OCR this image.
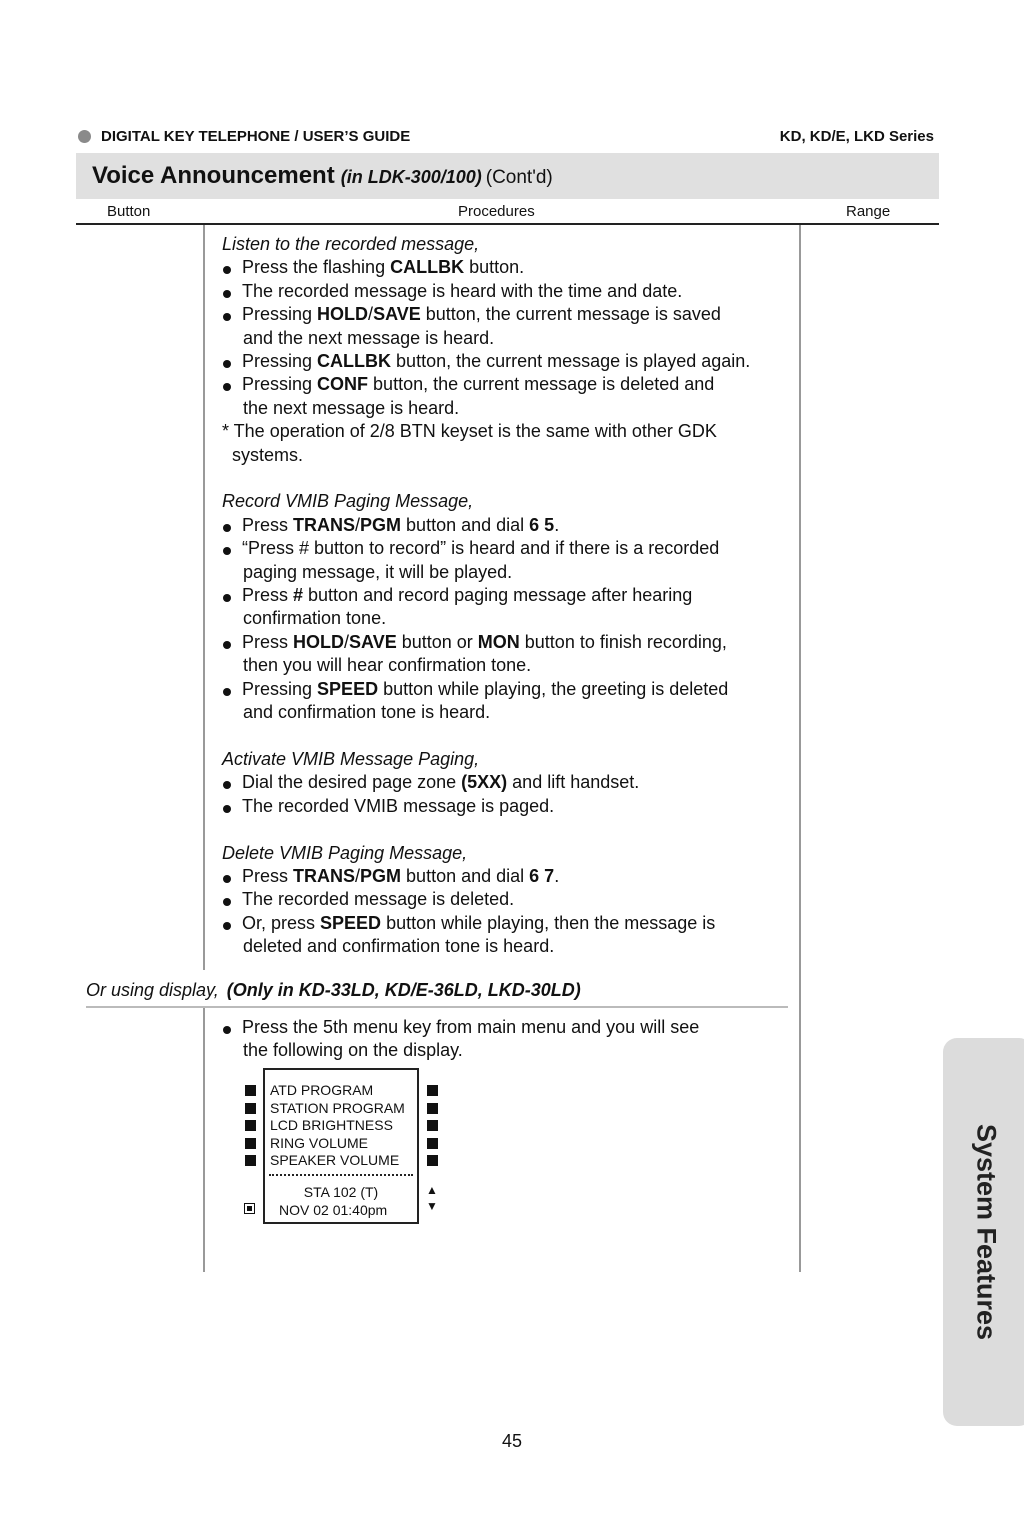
DIGITAL KEY TELEPHONE / USER’S GUIDE	KD, KD/E, LKD Series
Voice Announcement (in LDK-300/100) (Cont'd)
Button	Procedures	Range
Listen to the recorded message,
Press the flashing CALLBK button.
The recorded message is heard with the time and date.
Pressing HOLD/SAVE button, the current message is saved
and the next message is heard.
Pressing CALLBK button, the current message is played again.
Pressing CONF button, the current message is deleted and
the next message is heard.
* The operation of 2/8 BTN keyset is the same with other GDK
systems.
Record VMIB Paging Message,
Press TRANS/PGM button and dial 6 5.
“Press # button to record” is heard and if there is a recorded
paging message, it will be played.
Press # button and record paging message after hearing
confirmation tone.
Press HOLD/SAVE button or MON button to finish recording,
then you will hear confirmation tone.
Pressing SPEED button while playing, the greeting is deleted
and confirmation tone is heard.
Activate VMIB Message Paging,
Dial the desired page zone (5XX) and lift handset.
The recorded VMIB message is paged.
Delete VMIB Paging Message,
Press TRANS/PGM button and dial 6 7.
The recorded message is deleted.
Or, press SPEED button while playing, then the message is
deleted and confirmation tone is heard.
Or using display, (Only in KD-33LD, KD/E-36LD, LKD-30LD)
Press the 5th menu key from main menu and you will see
the following on the display.
ATD PROGRAM
STATION PROGRAM
LCD BRIGHTNESS
RING VOLUME
SPEAKER VOLUME
STA 102 (T)
NOV 02 01:40pm
▲
▼	System Features
45
